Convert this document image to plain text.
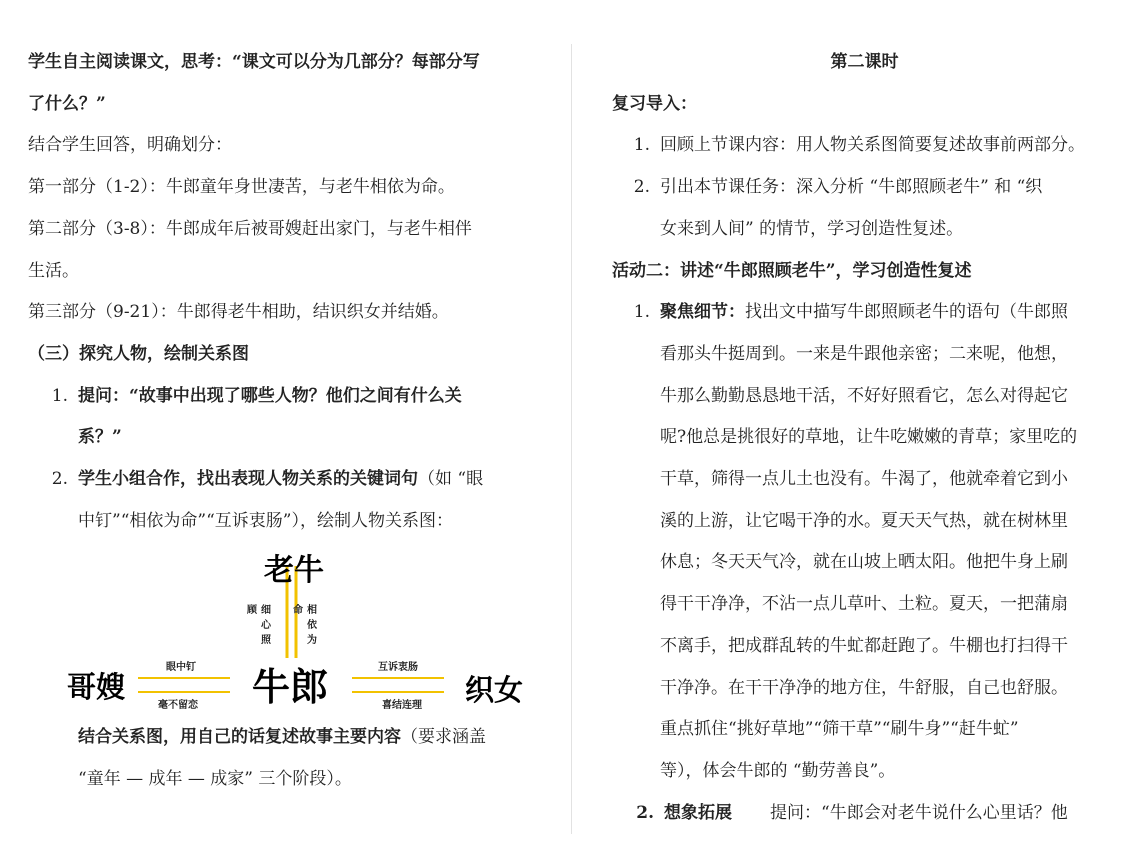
学生自主阅读课文，思考：“课文可以分为几部分？每部分写
了什么？”
结合学生回答，明确划分：
第一部分（1-2）：牛郎童年身世凄苦，与老牛相依为命。
第二部分（3-8）：牛郎成年后被哥嫂赶出家门，与老牛相伴
生活。
第三部分（9-21）：牛郎得老牛相助，结识织女并结婚。
（三）探究人物，绘制关系图
1. 提问：“故事中出现了哪些人物？他们之间有什么关
系？”
2. 学生小组合作，找出表现人物关系的关键词句（如 “眼
中钉”“相依为命”“互诉衷肠”），绘制人物关系图：
老牛
牛郎
哥嫂	织女
顾 细
心
照
命 相
依
为
眼中钉
毫不留恋
互诉衷肠
喜结连理
结合关系图，用自己的话复述故事主要内容（要求涵盖
“童年 — 成年 — 成家” 三个阶段）。
第二课时
复习导入：
1. 回顾上节课内容：用人物关系图简要复述故事前两部分。
2. 引出本节课任务：深入分析 “牛郎照顾老牛” 和 “织
女来到人间” 的情节，学习创造性复述。
活动二：讲述“牛郎照顾老牛”，学习创造性复述
1. 聚焦细节：找出文中描写牛郎照顾老牛的语句（牛郎照
看那头牛挺周到。一来是牛跟他亲密；二来呢，他想，
牛那么勤勤恳恳地干活，不好好照看它，怎么对得起它
呢?他总是挑很好的草地，让牛吃嫩嫩的青草；家里吃的
干草，筛得一点儿土也没有。牛渴了，他就牵着它到小
溪的上游，让它喝干净的水。夏天天气热，就在树林里
休息；冬天天气冷，就在山坡上晒太阳。他把牛身上刷
得干干净净，不沾一点儿草叶、土粒。夏天，一把蒲扇
不离手，把成群乱转的牛虻都赶跑了。牛棚也打扫得干
干净净。在干干净净的地方住，牛舒服，自己也舒服。
重点抓住“挑好草地”“筛干草”“刷牛身”“赶牛虻”
等），体会牛郎的 “勤劳善良”。
2. 想象拓展 提问：“牛郎会对老牛说什么心里话？他
